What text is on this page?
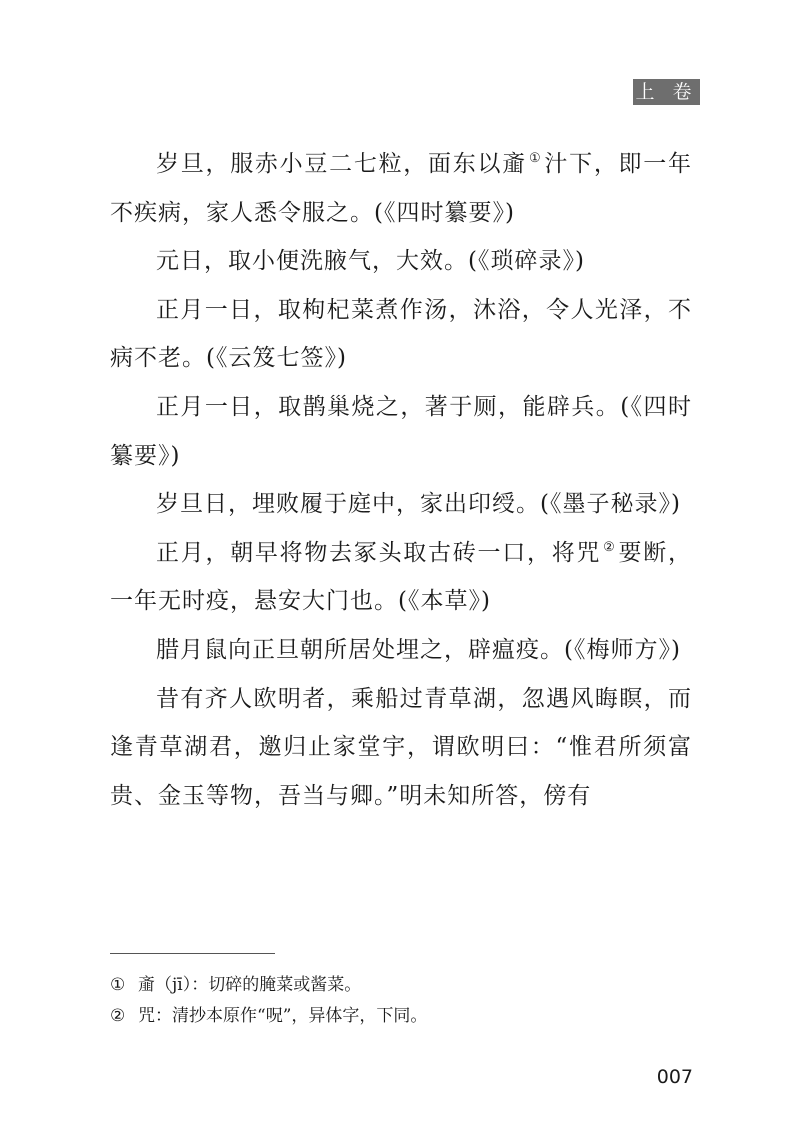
上 卷

岁旦，服赤小豆二七粒，面东以齑 ①汁下，即一年不疾病，家人悉令服之。(《四时纂要》)

元日，取小便洗腋气，大效。(《琐碎录》)

正月一日，取枸杞菜煮作汤，沐浴，令人光泽，不病不老。(《云笈七签》)

正月一日，取鹊巢烧之，著于厕，能辟兵。(《四时纂要》)

岁旦日，埋败履于庭中，家出印绶。(《墨子秘录》)

正月，朝早将物去冢头取古砖一口，将咒 ②要断，一年无时疫，悬安大门也。(《本草》)

腊月鼠向正旦朝所居处埋之，辟瘟疫。(《梅师方》)

昔有齐人欧明者，乘船过青草湖，忽遇风晦瞑，而逢青草湖君，邀归止家堂宇，谓欧明曰：“惟君所须富贵、金玉等物，吾当与卿。”明未知所答，傍有

① 齑（jī）：切碎的腌菜或酱菜。

② 咒：清抄本原作“呪”，异体字，下同。

007
